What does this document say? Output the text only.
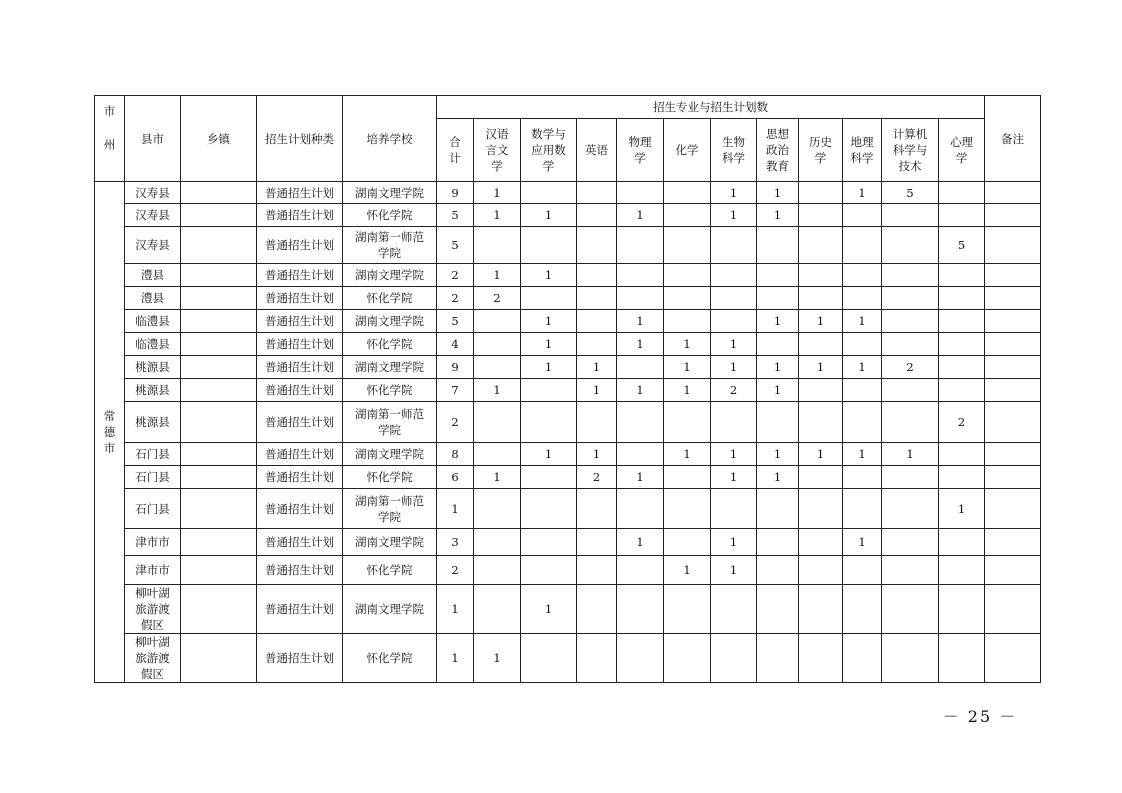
市州	县市	乡镇	招生计划种类	培养学校	招生专业与招生计划数												备注

					合计	汉语言文学	数学与应用数学	英语	物理学	化学	生物科学	思想政治教育	历史学	地理科学	计算机科学与技术	心理学	

常德市	汉寿县		普通招生计划	湖南文理学院	9	1					1	1		1	5		

	汉寿县		普通招生计划	怀化学院	5	1	1		1		1	1					

	汉寿县		普通招生计划	湖南第一师范学院	5											5	

	澧县		普通招生计划	湖南文理学院	2	1	1										

	澧县		普通招生计划	怀化学院	2	2											

	临澧县		普通招生计划	湖南文理学院	5		1		1			1	1	1			

	临澧县		普通招生计划	怀化学院	4		1		1	1	1						

	桃源县		普通招生计划	湖南文理学院	9		1	1		1	1	1	1	1	2		

	桃源县		普通招生计划	怀化学院	7	1		1	1	1	2	1					

	桃源县		普通招生计划	湖南第一师范学院	2											2	

	石门县		普通招生计划	湖南文理学院	8		1	1		1	1	1	1	1	1		

	石门县		普通招生计划	怀化学院	6	1		2	1		1	1					

	石门县		普通招生计划	湖南第一师范学院	1											1	

	津市市		普通招生计划	湖南文理学院	3				1		1			1			

	津市市		普通招生计划	怀化学院	2					1	1						

	柳叶湖旅游渡假区		普通招生计划	湖南文理学院	1		1										

	柳叶湖旅游渡假区		普通招生计划	怀化学院	1	1											
－ 25 －
